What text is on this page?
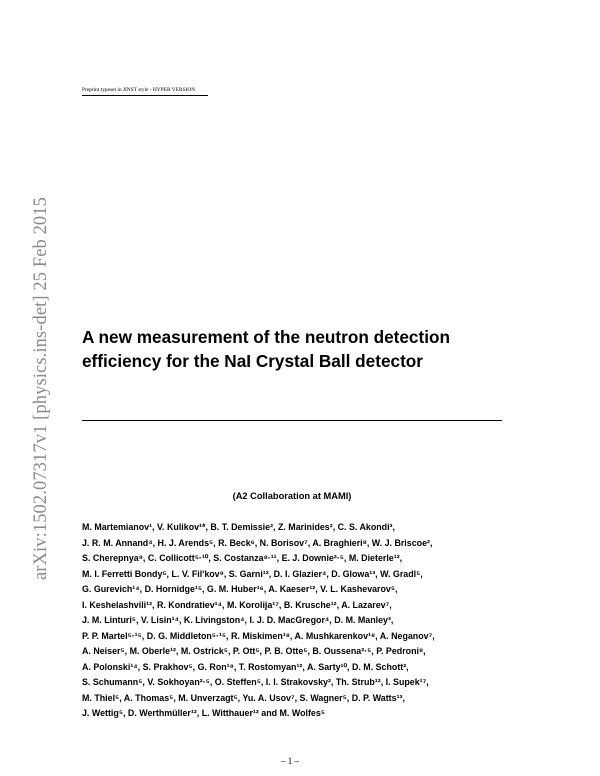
arXiv:1502.07317v1 [physics.ins-det] 25 Feb 2015
Preprint typeset in JINST style - HYPER VERSION
A new measurement of the neutron detection
efficiency for the NaI Crystal Ball detector
(A2 Collaboration at MAMI)
M. Martemianov¹, V. Kulikov¹*, B. T. Demissie², Z. Marinides², C. S. Akondi³,
J. R. M. Annand⁴, H. J. Arends⁵, R. Beck⁶, N. Borisov⁷, A. Braghieri⁸, W. J. Briscoe²,
S. Cherepnya⁹, C. Collicott⁵·¹⁰, S. Costanza⁸·¹¹, E. J. Downie²·⁵, M. Dieterle¹²,
M. I. Ferretti Bondy⁵, L. V. Fil'kov⁹, S. Garni¹², D. I. Glazier⁴, D. Glowa¹³, W. Gradl⁵,
G. Gurevich¹⁴, D. Hornidge¹⁵, G. M. Huber¹⁶, A. Kaeser¹², V. L. Kashevarov⁵,
I. Keshelashvili¹², R. Kondratiev¹⁴, M. Korolija¹⁷, B. Krusche¹², A. Lazarev⁷,
J. M. Linturi⁵, V. Lisin¹⁴, K. Livingston⁴, I. J. D. MacGregor⁴, D. M. Manley³,
P. P. Martel⁵·¹⁵, D. G. Middleton⁵·¹⁵, R. Miskimen¹⁸, A. Mushkarenkov¹⁸, A. Neganov⁷,
A. Neiser⁵, M. Oberle¹², M. Ostrick⁵, P. Ott⁵, P. B. Otte⁵, B. Oussena²·⁵, P. Pedroni⁸,
A. Polonski¹⁴, S. Prakhov⁵, G. Ron¹⁹, T. Rostomyan¹², A. Sarty¹⁰, D. M. Schott²,
S. Schumann⁵, V. Sokhoyan²·⁵, O. Steffen⁵, I. I. Strakovsky², Th. Strub¹², I. Supek¹⁷,
M. Thiel⁵, A. Thomas⁵, M. Unverzagt⁵, Yu. A. Usov⁷, S. Wagner⁵, D. P. Watts¹³,
J. Wettig⁵, D. Werthmüller¹², L. Witthauer¹² and M. Wolfes⁵
– 1 –
